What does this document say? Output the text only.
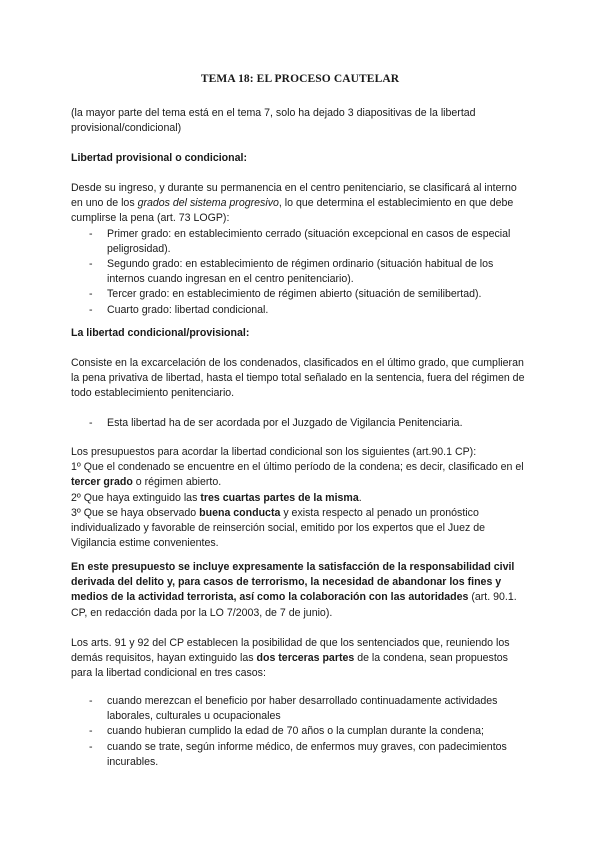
TEMA 18: EL PROCESO CAUTELAR

(la mayor parte del tema está en el tema 7, solo ha dejado 3 diapositivas de la libertad provisional/condicional)

Libertad provisional o condicional:

Desde su ingreso, y durante su permanencia en el centro penitenciario, se clasificará al interno en uno de los grados del sistema progresivo, lo que determina el establecimiento en que debe cumplirse la pena (art. 73 LOGP):

- Primer grado: en establecimiento cerrado (situación excepcional en casos de especial peligrosidad).
- Segundo grado: en establecimiento de régimen ordinario (situación habitual de los internos cuando ingresan en el centro penitenciario).
- Tercer grado: en establecimiento de régimen abierto (situación de semilibertad).
- Cuarto grado: libertad condicional.

La libertad condicional/provisional:

Consiste en la excarcelación de los condenados, clasificados en el último grado, que cumplieran la pena privativa de libertad, hasta el tiempo total señalado en la sentencia, fuera del régimen de todo establecimiento penitenciario.

- Esta libertad ha de ser acordada por el Juzgado de Vigilancia Penitenciaria.

Los presupuestos para acordar la libertad condicional son los siguientes (art.90.1 CP):

1º Que el condenado se encuentre en el último período de la condena; es decir, clasificado en el tercer grado o régimen abierto.

2º Que haya extinguido las tres cuartas partes de la misma.

3º Que se haya observado buena conducta y exista respecto al penado un pronóstico individualizado y favorable de reinserción social, emitido por los expertos que el Juez de Vigilancia estime convenientes.

En este presupuesto se incluye expresamente la satisfacción de la responsabilidad civil derivada del delito y, para casos de terrorismo, la necesidad de abandonar los fines y medios de la actividad terrorista, así como la colaboración con las autoridades (art. 90.1. CP, en redacción dada por la LO 7/2003, de 7 de junio).

Los arts. 91 y 92 del CP establecen la posibilidad de que los sentenciados que, reuniendo los demás requisitos, hayan extinguido las dos terceras partes de la condena, sean propuestos para la libertad condicional en tres casos:

- cuando merezcan el beneficio por haber desarrollado continuadamente actividades laborales, culturales u ocupacionales
- cuando hubieran cumplido la edad de 70 años o la cumplan durante la condena;
- cuando se trate, según informe médico, de enfermos muy graves, con padecimientos incurables.
